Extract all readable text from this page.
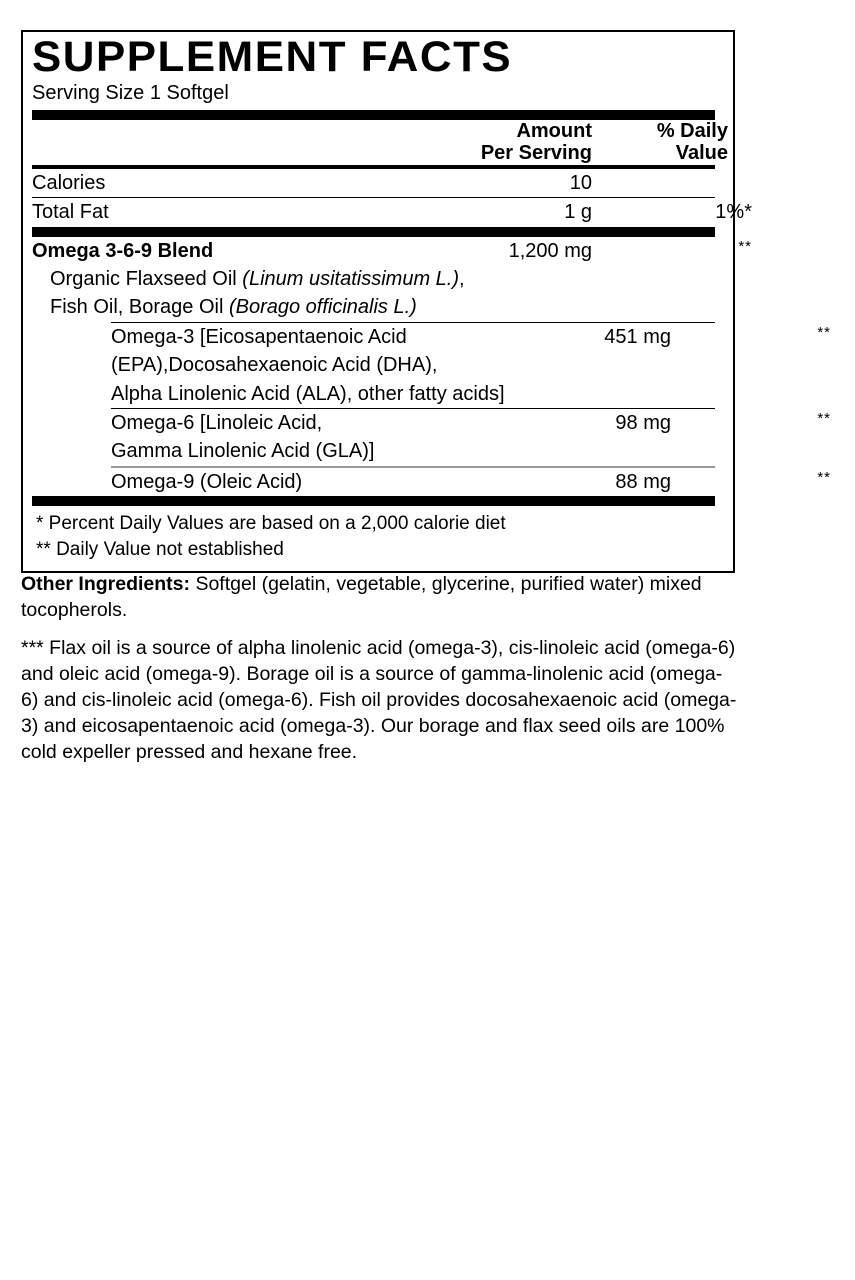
SUPPLEMENT FACTS
Serving Size 1 Softgel
	Amount
Per Serving
	% Daily
Value
Calories	10	
Total Fat	1 g	1%*
Omega 3-6-9 Blend	1,200 mg	**
Organic Flaxseed Oil (Linum usitatissimum L.),
Fish Oil, Borage Oil (Borago officinalis L.)
Omega-3 [Eicosapentaenoic Acid	451 mg	**
(EPA),Docosahexaenoic Acid (DHA),
Alpha Linolenic Acid (ALA), other fatty acids]
Omega-6 [Linoleic Acid,	98 mg	**
Gamma Linolenic Acid (GLA)]
Omega-9 (Oleic Acid)	88 mg	**
* Percent Daily Values are based on a 2,000 calorie diet
** Daily Value not established

Other Ingredients: Softgel (gelatin, vegetable, glycerine, purified water) mixed tocopherols.

*** Flax oil is a source of alpha linolenic acid (omega-3), cis-linoleic acid (omega-6) and oleic acid (omega-9). Borage oil is a source of gamma-linolenic acid (omega-6) and cis-linoleic acid (omega-6). Fish oil provides docosahexaenoic acid (omega-3) and eicosapentaenoic acid (omega-3). Our borage and flax seed oils are 100% cold expeller pressed and hexane free.
